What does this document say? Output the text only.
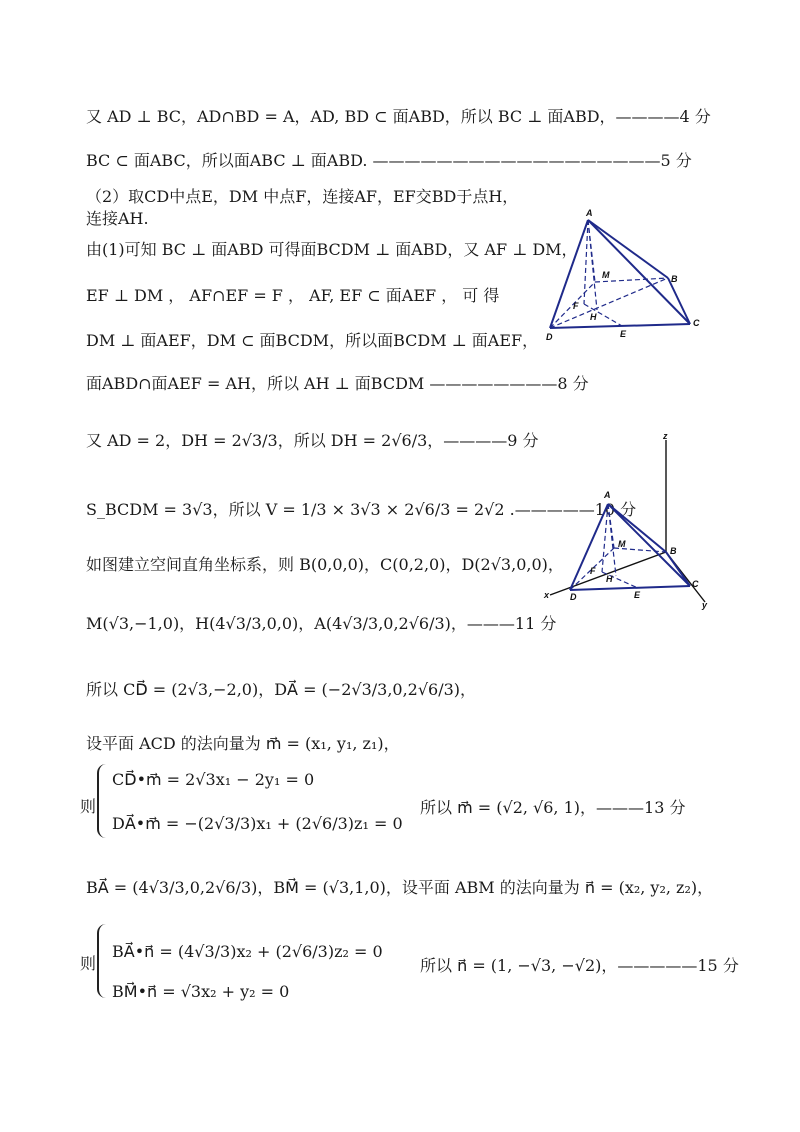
又 AD ⊥ BC，AD∩BD = A，AD, BD ⊂ 面ABD，所以 BC ⊥ 面ABD，————4 分
BC ⊂ 面ABC，所以面ABC ⊥ 面ABD. ——————————————————5 分
（2）取CD中点E，DM 中点F，连接AF，EF交BD于点H，
连接AH.
由(1)可知 BC ⊥ 面ABD 可得面BCDM ⊥ 面ABD，又 AF ⊥ DM，
EF ⊥ DM ， AF∩EF = F ， AF, EF ⊂ 面AEF ， 可 得
DM ⊥ 面AEF，DM ⊂ 面BCDM，所以面BCDM ⊥ 面AEF，
面ABD∩面AEF = AH，所以 AH ⊥ 面BCDM ————————8 分
又 AD = 2，DH = 2√3/3，所以 DH = 2√6/3，————9 分
S_BCDM = 3√3，所以 V = 1/3 × 3√3 × 2√6/3 = 2√2 .—————10 分
如图建立空间直角坐标系，则 B(0,0,0)，C(0,2,0)，D(2√3,0,0)，
M(√3,−1,0)，H(4√3/3,0,0)，A(4√3/3,0,2√6/3)，———11 分
所以 CD⃗ = (2√3,−2,0)，DA⃗ = (−2√3/3,0,2√6/3)，
设平面 ACD 的法向量为 m⃗ = (x₁, y₁, z₁)，
则
CD⃗•m⃗ = 2√3x₁ − 2y₁ = 0
DA⃗•m⃗ = −(2√3/3)x₁ + (2√6/3)z₁ = 0
所以 m⃗ = (√2, √6, 1)，———13 分
BA⃗ = (4√3/3,0,2√6/3)，BM⃗ = (√3,1,0)，设平面 ABM 的法向量为 n⃗ = (x₂, y₂, z₂)，
则
BA⃗•n⃗ = (4√3/3)x₂ + (2√6/3)z₂ = 0
BM⃗•n⃗ = √3x₂ + y₂ = 0
所以 n⃗ = (1, −√3, −√2)，—————15 分
A
M	B
F
H
D	E
C
z
A
M
B
F
H
x D	E
C
y
